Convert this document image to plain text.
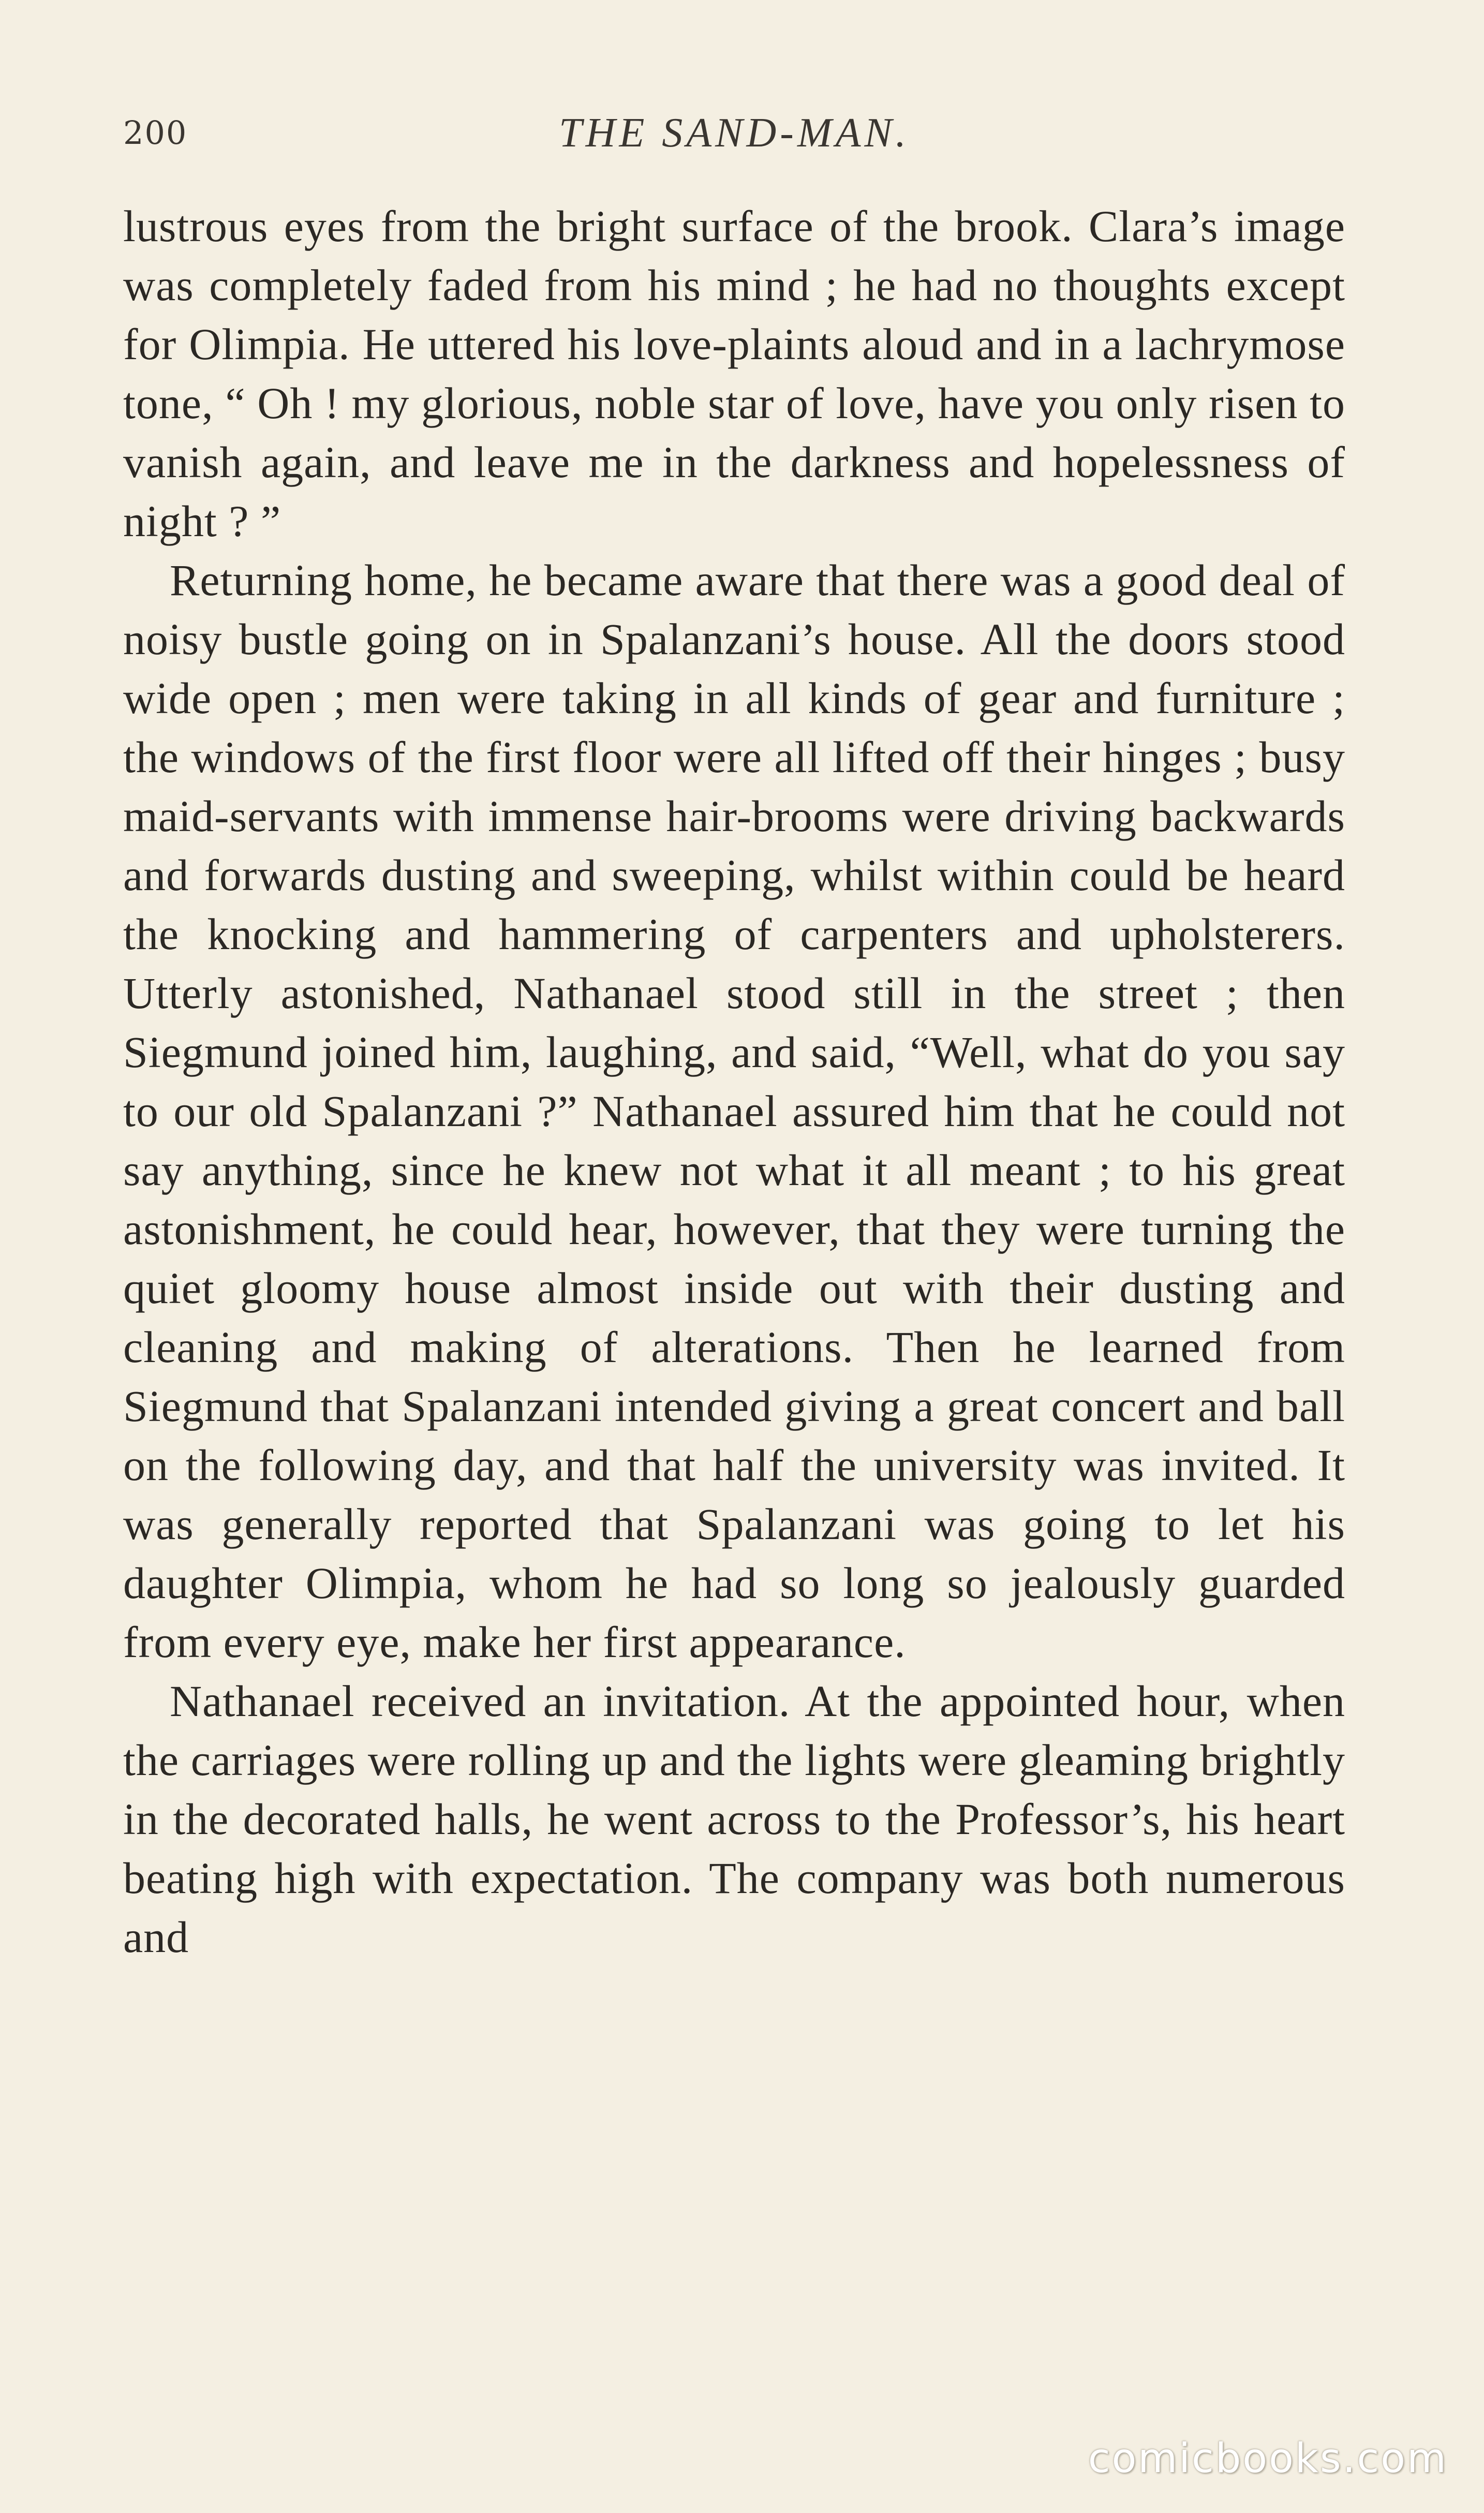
200	THE SAND-MAN.

lustrous eyes from the bright surface of the brook. Clara’s image was completely faded from his mind ; he had no thoughts except for Olimpia. He uttered his love-plaints aloud and in a lachrymose tone, “ Oh ! my glorious, noble star of love, have you only risen to vanish again, and leave me in the darkness and hopelessness of night ? ”

Returning home, he became aware that there was a good deal of noisy bustle going on in Spalanzani’s house. All the doors stood wide open ; men were taking in all kinds of gear and furniture ; the windows of the first floor were all lifted off their hinges ; busy maid-servants with immense hair-brooms were driving backwards and forwards dusting and sweeping, whilst within could be heard the knocking and hammering of carpenters and upholsterers. Utterly astonished, Nathanael stood still in the street ; then Siegmund joined him, laughing, and said, “Well, what do you say to our old Spalanzani ?” Nathanael assured him that he could not say anything, since he knew not what it all meant ; to his great astonishment, he could hear, however, that they were turning the quiet gloomy house almost inside out with their dusting and cleaning and making of alterations. Then he learned from Siegmund that Spalanzani intended giving a great concert and ball on the following day, and that half the university was invited. It was generally reported that Spalanzani was going to let his daughter Olimpia, whom he had so long so jealously guarded from every eye, make her first appearance.

Nathanael received an invitation. At the appointed hour, when the carriages were rolling up and the lights were gleaming brightly in the decorated halls, he went across to the Professor’s, his heart beating high with expectation. The company was both numerous and

comicbooks.com
